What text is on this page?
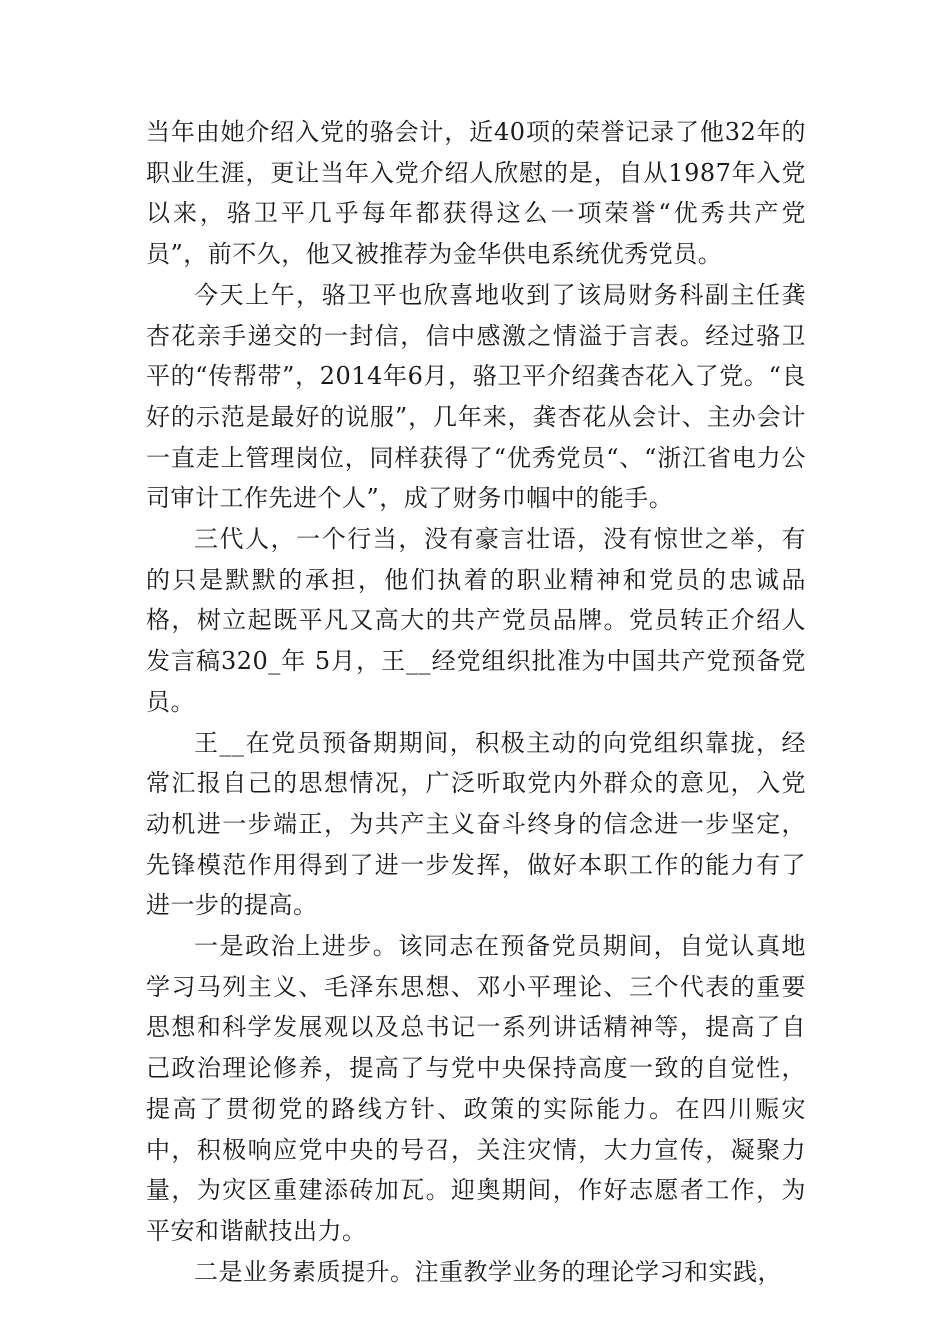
当年由她介绍入党的骆会计，近40项的荣誉记录了他32年的职业生涯，更让当年入党介绍人欣慰的是，自从1987年入党以来，骆卫平几乎每年都获得这么一项荣誉“优秀共产党员”，前不久，他又被推荐为金华供电系统优秀党员。

今天上午，骆卫平也欣喜地收到了该局财务科副主任龚杏花亲手递交的一封信，信中感激之情溢于言表。经过骆卫平的“传帮带”，2014年6月，骆卫平介绍龚杏花入了党。“良好的示范是最好的说服”，几年来，龚杏花从会计、主办会计一直走上管理岗位，同样获得了“优秀党员“、“浙江省电力公司审计工作先进个人”，成了财务巾帼中的能手。

三代人，一个行当，没有豪言壮语，没有惊世之举，有的只是默默的承担，他们执着的职业精神和党员的忠诚品格，树立起既平凡又高大的共产党员品牌。党员转正介绍人发言稿320_年 5月，王__经党组织批准为中国共产党预备党员。

王__在党员预备期期间，积极主动的向党组织靠拢，经常汇报自己的思想情况，广泛听取党内外群众的意见，入党动机进一步端正，为共产主义奋斗终身的信念进一步坚定，先锋模范作用得到了进一步发挥，做好本职工作的能力有了进一步的提高。

一是政治上进步。该同志在预备党员期间，自觉认真地学习马列主义、毛泽东思想、邓小平理论、三个代表的重要思想和科学发展观以及总书记一系列讲话精神等，提高了自己政治理论修养，提高了与党中央保持高度一致的自觉性，提高了贯彻党的路线方针、政策的实际能力。在四川赈灾中，积极响应党中央的号召，关注灾情，大力宣传，凝聚力量，为灾区重建添砖加瓦。迎奥期间，作好志愿者工作，为平安和谐献技出力。

二是业务素质提升。注重教学业务的理论学习和实践，
